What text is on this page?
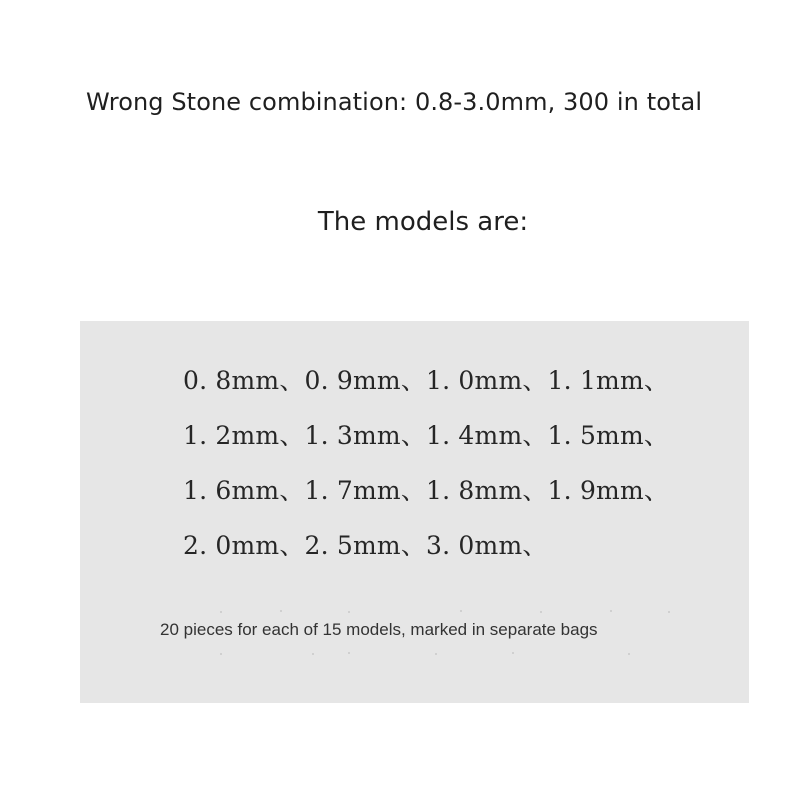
Wrong Stone combination: 0.8-3.0mm, 300 in total
The models are:
0. 8mm、0. 9mm、1. 0mm、1. 1mm、
1. 2mm、1. 3mm、1. 4mm、1. 5mm、
1. 6mm、1. 7mm、1. 8mm、1. 9mm、
2. 0mm、2. 5mm、3. 0mm、
20 pieces for each of 15 models, marked in separate bags
